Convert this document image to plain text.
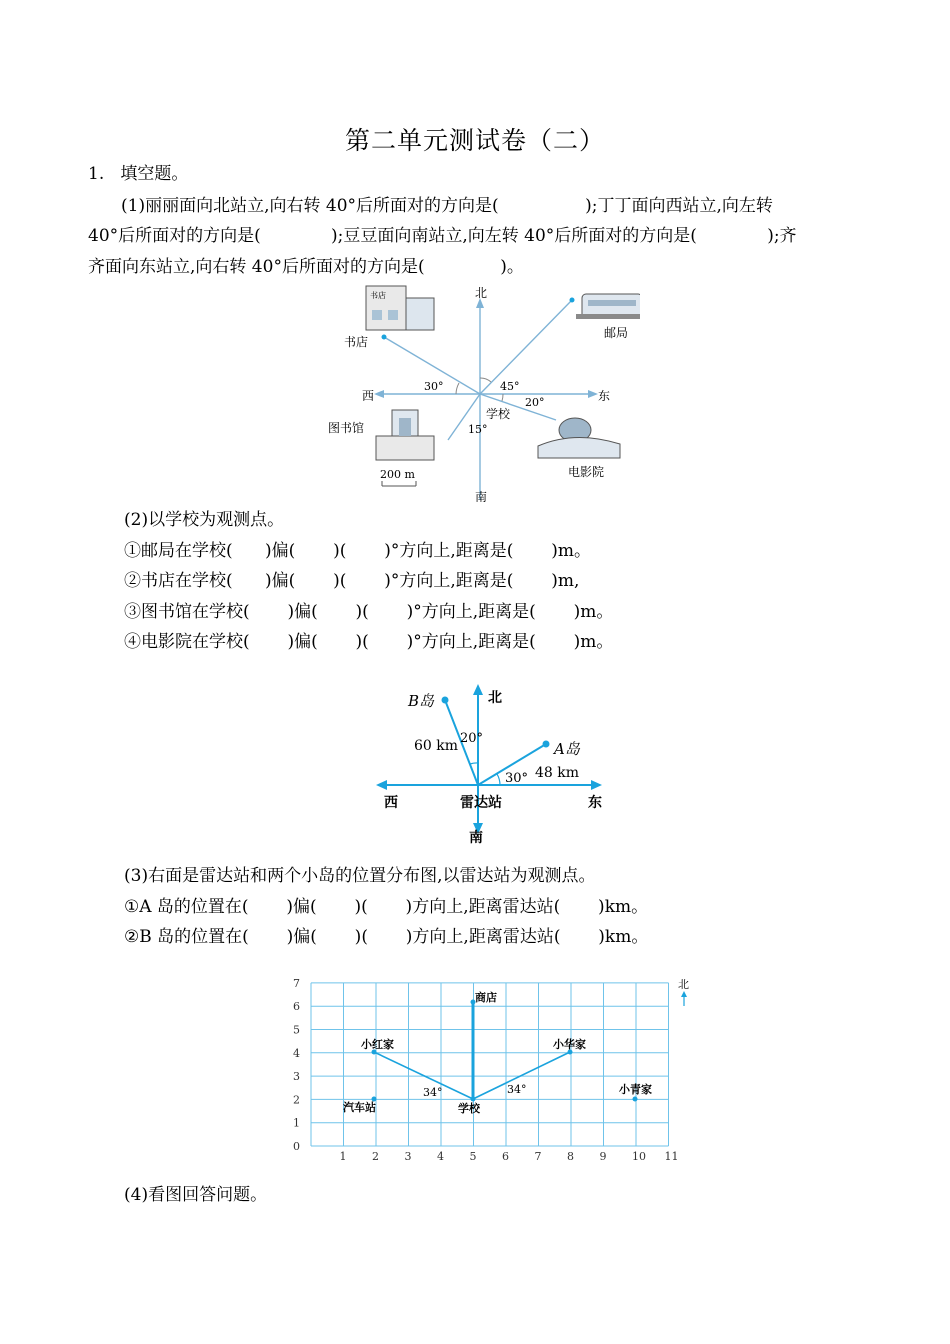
第二单元测试卷（二）
1.   填空题。
(1)丽丽面向北站立,向右转 40°后所面对的方向是(                );丁丁面向西站立,向左转
40°后所面对的方向是(             );豆豆面向南站立,向左转 40°后所面对的方向是(             );齐
齐面向东站立,向右转 40°后所面对的方向是(              )。
北
南
东
西
学校
30°	45°
20°
15°
邮局
书店
书店
图书馆
200 m	电影院
(2)以学校为观测点。
①邮局在学校(      )偏(       )(       )°方向上,距离是(       )m。
②书店在学校(      )偏(       )(       )°方向上,距离是(       )m,
③图书馆在学校(       )偏(       )(       )°方向上,距离是(       )m。
④电影院在学校(       )偏(       )(       )°方向上,距离是(       )m。
北
南
东
西	雷达站
B岛
A岛
60 km
48 km
20°
30°
(3)右面是雷达站和两个小岛的位置分布图,以雷达站为观测点。
①A 岛的位置在(       )偏(       )(       )方向上,距离雷达站(       )km。
②B 岛的位置在(       )偏(       )(       )方向上,距离雷达站(       )km。
1 2 3 4 5 6 7 8 9 10 11
0
1
2
3
4
5
6
7
商店
小红家	小华家
小青家
汽车站	学校
34°	34°
北
(4)看图回答问题。
